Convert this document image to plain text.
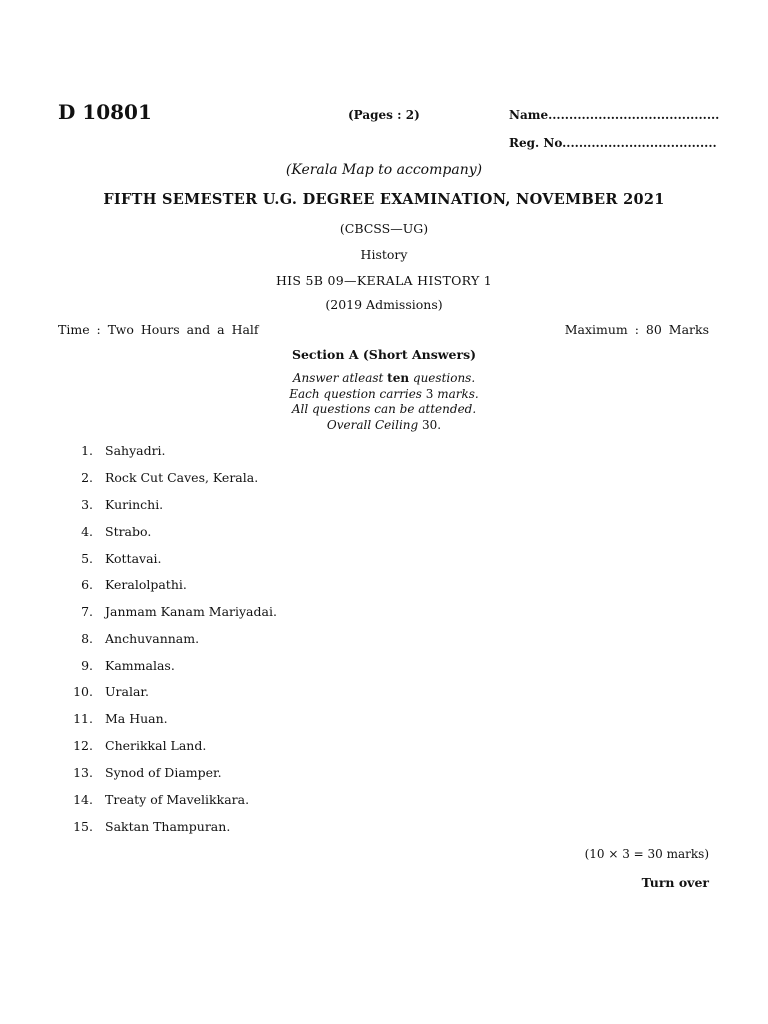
D 10801	(Pages : 2)	Name.........................................
Reg. No.....................................
(Kerala Map to accompany)
FIFTH SEMESTER U.G. DEGREE EXAMINATION, NOVEMBER 2021
(CBCSS—UG)
History
HIS 5B 09—KERALA HISTORY 1
(2019 Admissions)
Time : Two Hours and a Half	Maximum : 80 Marks
Section A (Short Answers)
Answer atleast ten questions.
Each question carries 3 marks.
All questions can be attended.
Overall Ceiling 30.
1. Sahyadri.
2. Rock Cut Caves, Kerala.
3. Kurinchi.
4. Strabo.
5. Kottavai.
6. Keralolpathi.
7. Janmam Kanam Mariyadai.
8. Anchuvannam.
9. Kammalas.
10. Uralar.
11. Ma Huan.
12. Cherikkal Land.
13. Synod of Diamper.
14. Treaty of Mavelikkara.
15. Saktan Thampuran.
(10 × 3 = 30 marks)
Turn over
